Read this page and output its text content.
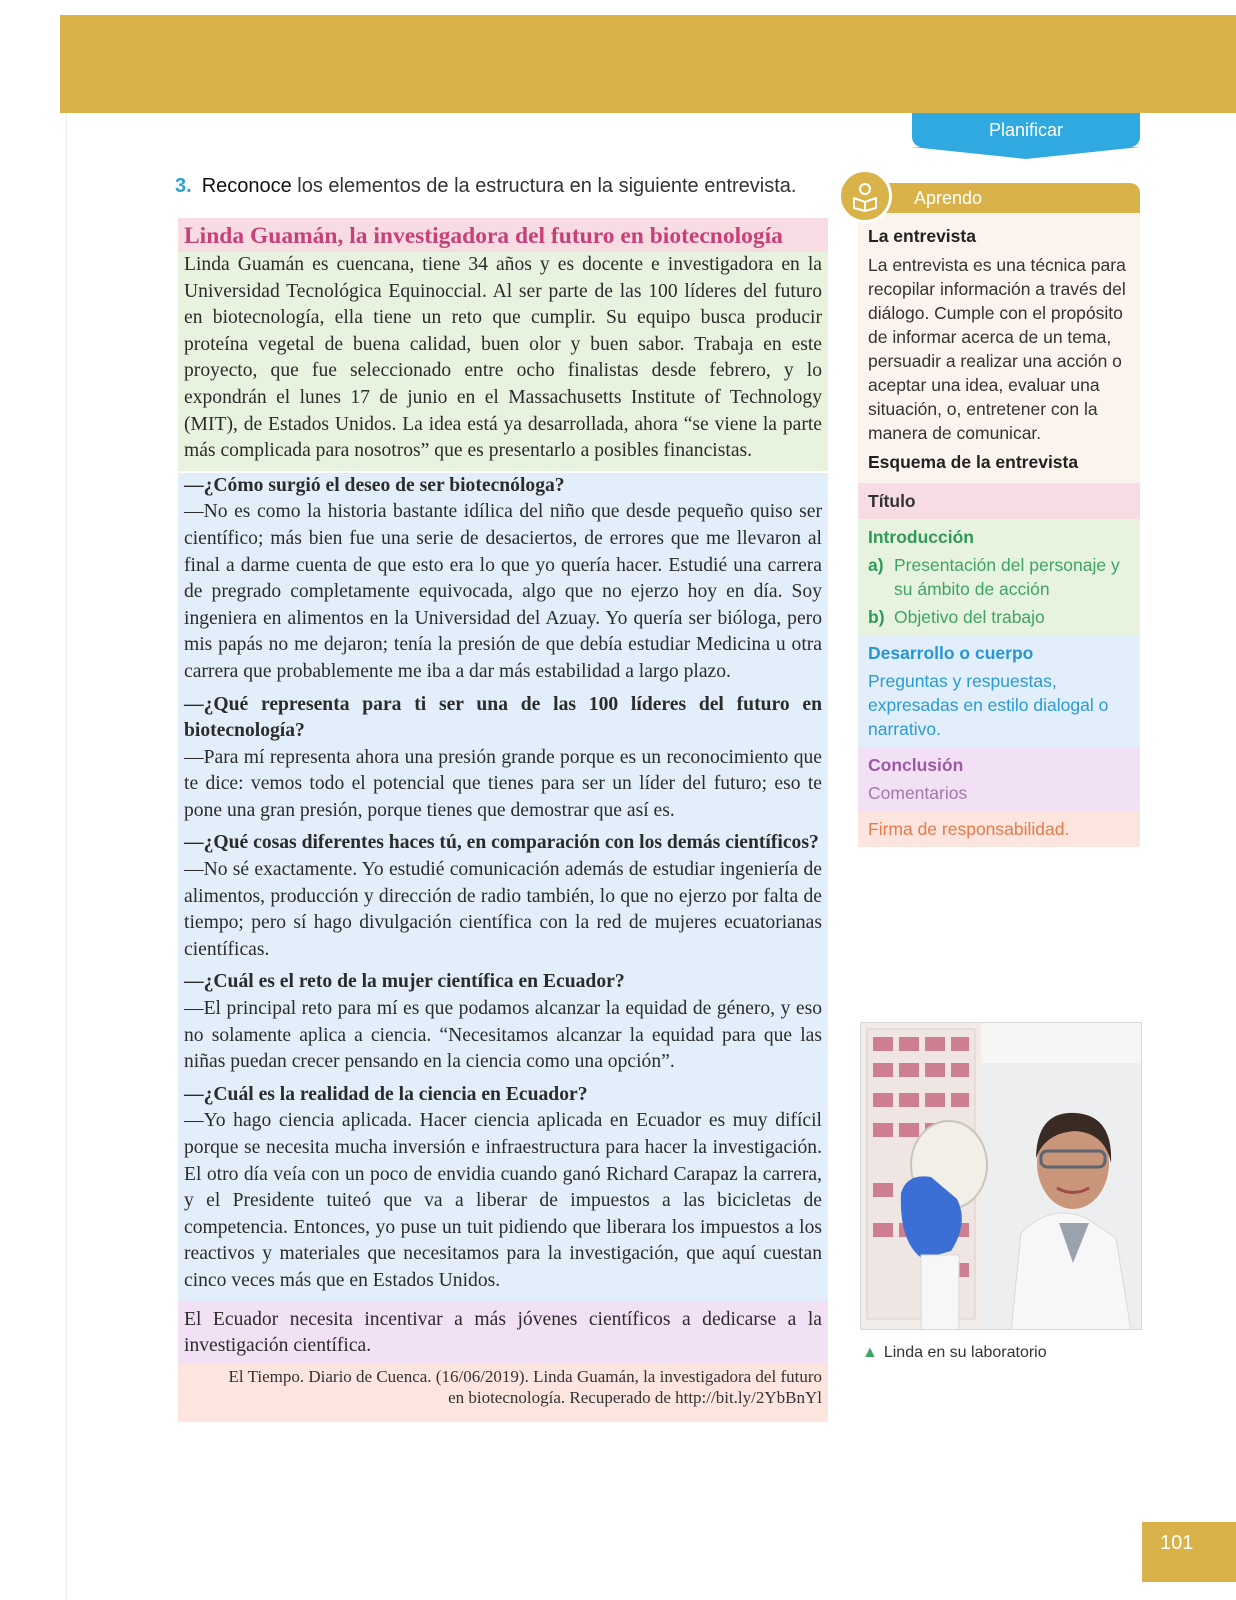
Planificar
3. Reconoce los elementos de la estructura en la siguiente entrevista.
Linda Guamán, la investigadora del futuro en biotecnología

Linda Guamán es cuencana, tiene 34 años y es docente e investigadora en la Universidad Tecnológica Equinoccial. Al ser parte de las 100 líderes del futuro en biotecnología, ella tiene un reto que cumplir. Su equipo busca producir proteína vegetal de buena calidad, buen olor y buen sabor. Trabaja en este proyecto, que fue seleccionado entre ocho finalistas desde febrero, y lo expondrán el lunes 17 de junio en el Massachusetts Institute of Technology (MIT), de Estados Unidos. La idea está ya desarrollada, ahora “se viene la parte más complicada para nosotros” que es presentarlo a posibles financistas.

—¿Cómo surgió el deseo de ser biotecnóloga?

—No es como la historia bastante idílica del niño que desde pequeño quiso ser científico; más bien fue una serie de desaciertos, de errores que me llevaron al final a darme cuenta de que esto era lo que yo quería hacer. Estudié una carrera de pregrado completamente equivocada, algo que no ejerzo hoy en día. Soy ingeniera en alimentos en la Universidad del Azuay. Yo quería ser bióloga, pero mis papás no me dejaron; tenía la presión de que debía estudiar Medicina u otra carrera que probablemente me iba a dar más estabilidad a largo plazo.

—¿Qué representa para ti ser una de las 100 líderes del futuro en biotecnología?

—Para mí representa ahora una presión grande porque es un reconocimiento que te dice: vemos todo el potencial que tienes para ser un líder del futuro; eso te pone una gran presión, porque tienes que demostrar que así es.

—¿Qué cosas diferentes haces tú, en comparación con los demás científicos?

—No sé exactamente. Yo estudié comunicación además de estudiar ingeniería de alimentos, producción y dirección de radio también, lo que no ejerzo por falta de tiempo; pero sí hago divulgación científica con la red de mujeres ecuatorianas científicas.

—¿Cuál es el reto de la mujer científica en Ecuador?

—El principal reto para mí es que podamos alcanzar la equidad de género, y eso no solamente aplica a ciencia. “Necesitamos alcanzar la equidad para que las niñas puedan crecer pensando en la ciencia como una opción”.

—¿Cuál es la realidad de la ciencia en Ecuador?

—Yo hago ciencia aplicada. Hacer ciencia aplicada en Ecuador es muy difícil porque se necesita mucha inversión e infraestructura para hacer la investigación. El otro día veía con un poco de envidia cuando ganó Richard Carapaz la carrera, y el Presidente tuiteó que va a liberar de impuestos a las bicicletas de competencia. Entonces, yo puse un tuit pidiendo que liberara los impuestos a los reactivos y materiales que necesitamos para la investigación, que aquí cuestan cinco veces más que en Estados Unidos.

El Ecuador necesita incentivar a más jóvenes científicos a dedicarse a la investigación científica.

El Tiempo. Diario de Cuenca. (16/06/2019). Linda Guamán, la investigadora del futuro
en biotecnología. Recuperado de http://bit.ly/2YbBnYl

Aprendo
La entrevista
La entrevista es una técnica para recopilar información a través del diálogo. Cumple con el propósito de informar acerca de un tema, persuadir a realizar una acción o aceptar una idea, evaluar una situación, o, entretener con la manera de comunicar.
Esquema de la entrevista
Título
Introducción
a) Presentación del personaje y su ámbito de acción
b) Objetivo del trabajo
Desarrollo o cuerpo
Preguntas y respuestas, expresadas en estilo dialogal o narrativo.
Conclusión
Comentarios
Firma de responsabilidad.
▲ Linda en su laboratorio
101
